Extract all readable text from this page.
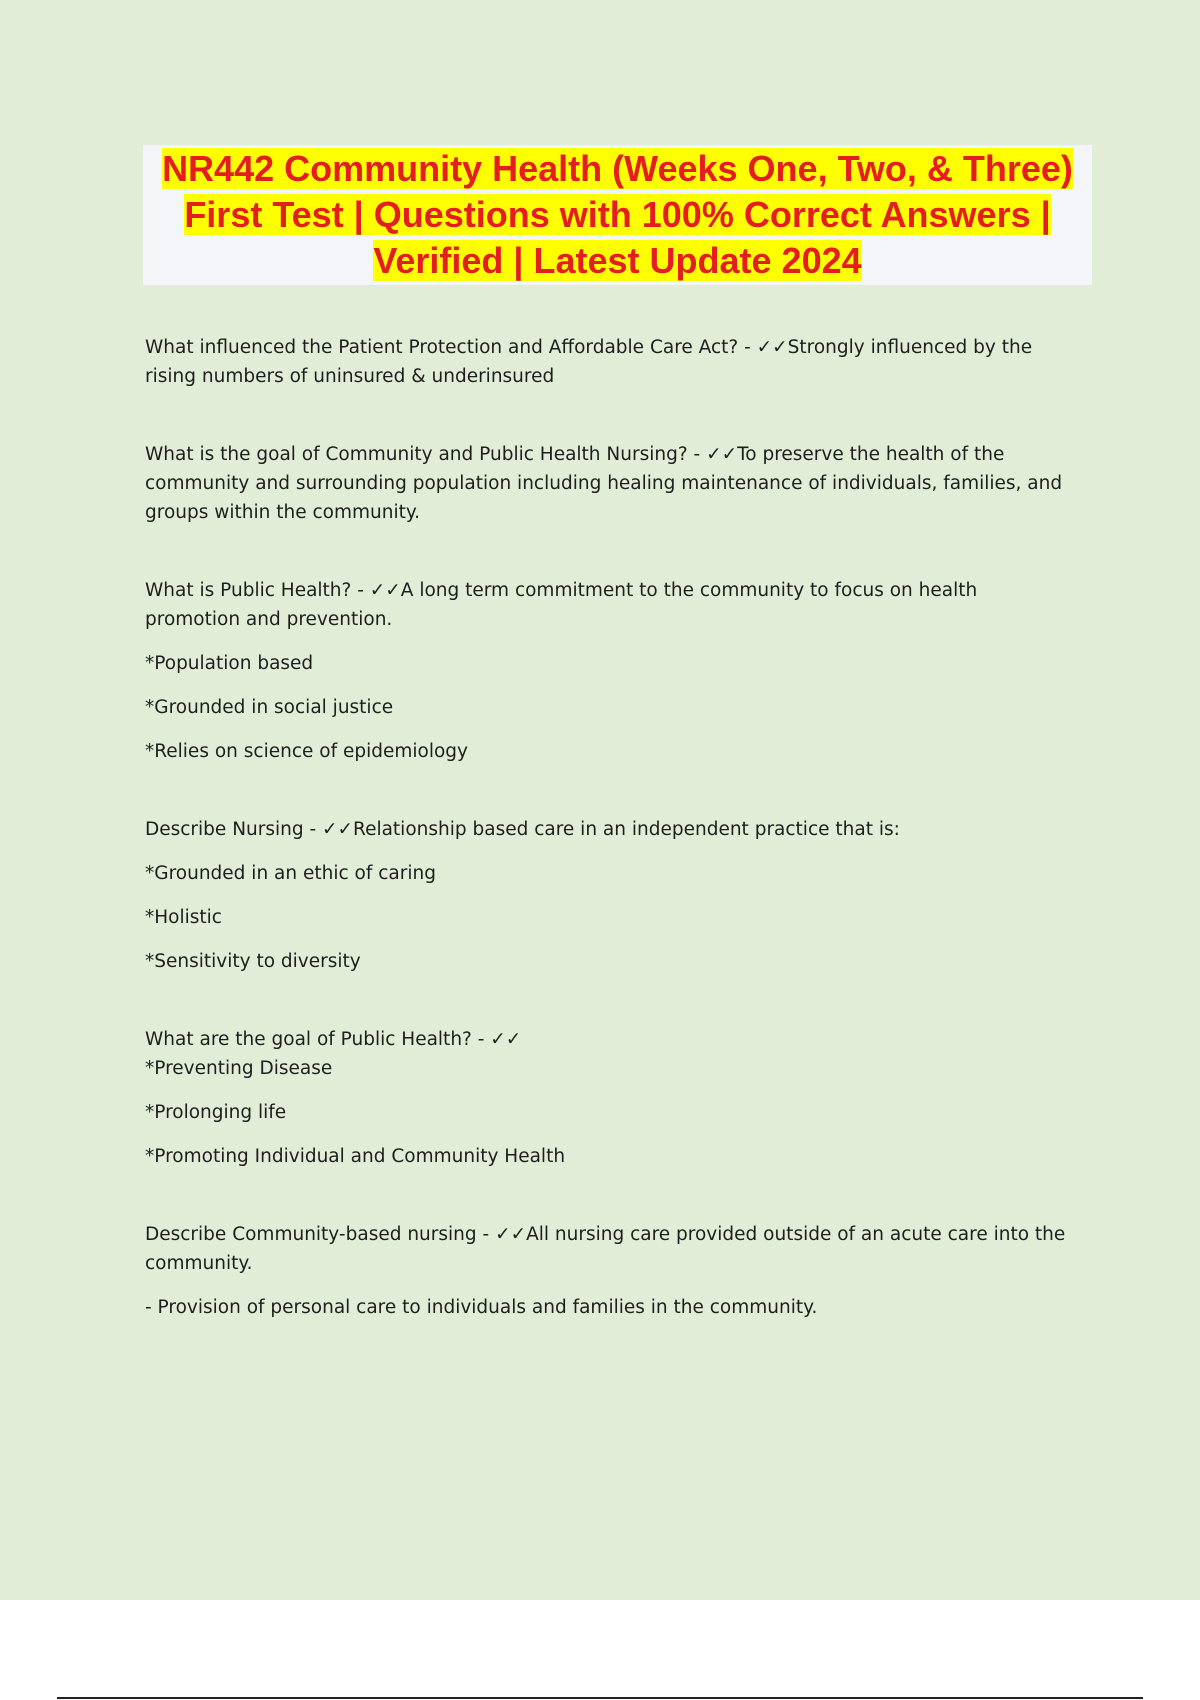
NR442 Community Health (Weeks One, Two, & Three) First Test | Questions with 100% Correct Answers | Verified | Latest Update 2024

What influenced the Patient Protection and Affordable Care Act? - ✓✓Strongly influenced by the rising numbers of uninsured & underinsured

What is the goal of Community and Public Health Nursing? - ✓✓To preserve the health of the community and surrounding population including healing maintenance of individuals, families, and groups within the community.

What is Public Health? - ✓✓A long term commitment to the community to focus on health promotion and prevention.

*Population based

*Grounded in social justice

*Relies on science of epidemiology

Describe Nursing - ✓✓Relationship based care in an independent practice that is:

*Grounded in an ethic of caring

*Holistic

*Sensitivity to diversity

What are the goal of Public Health? - ✓✓

*Preventing Disease

*Prolonging life

*Promoting Individual and Community Health

Describe Community-based nursing - ✓✓All nursing care provided outside of an acute care into the community.

- Provision of personal care to individuals and families in the community.
